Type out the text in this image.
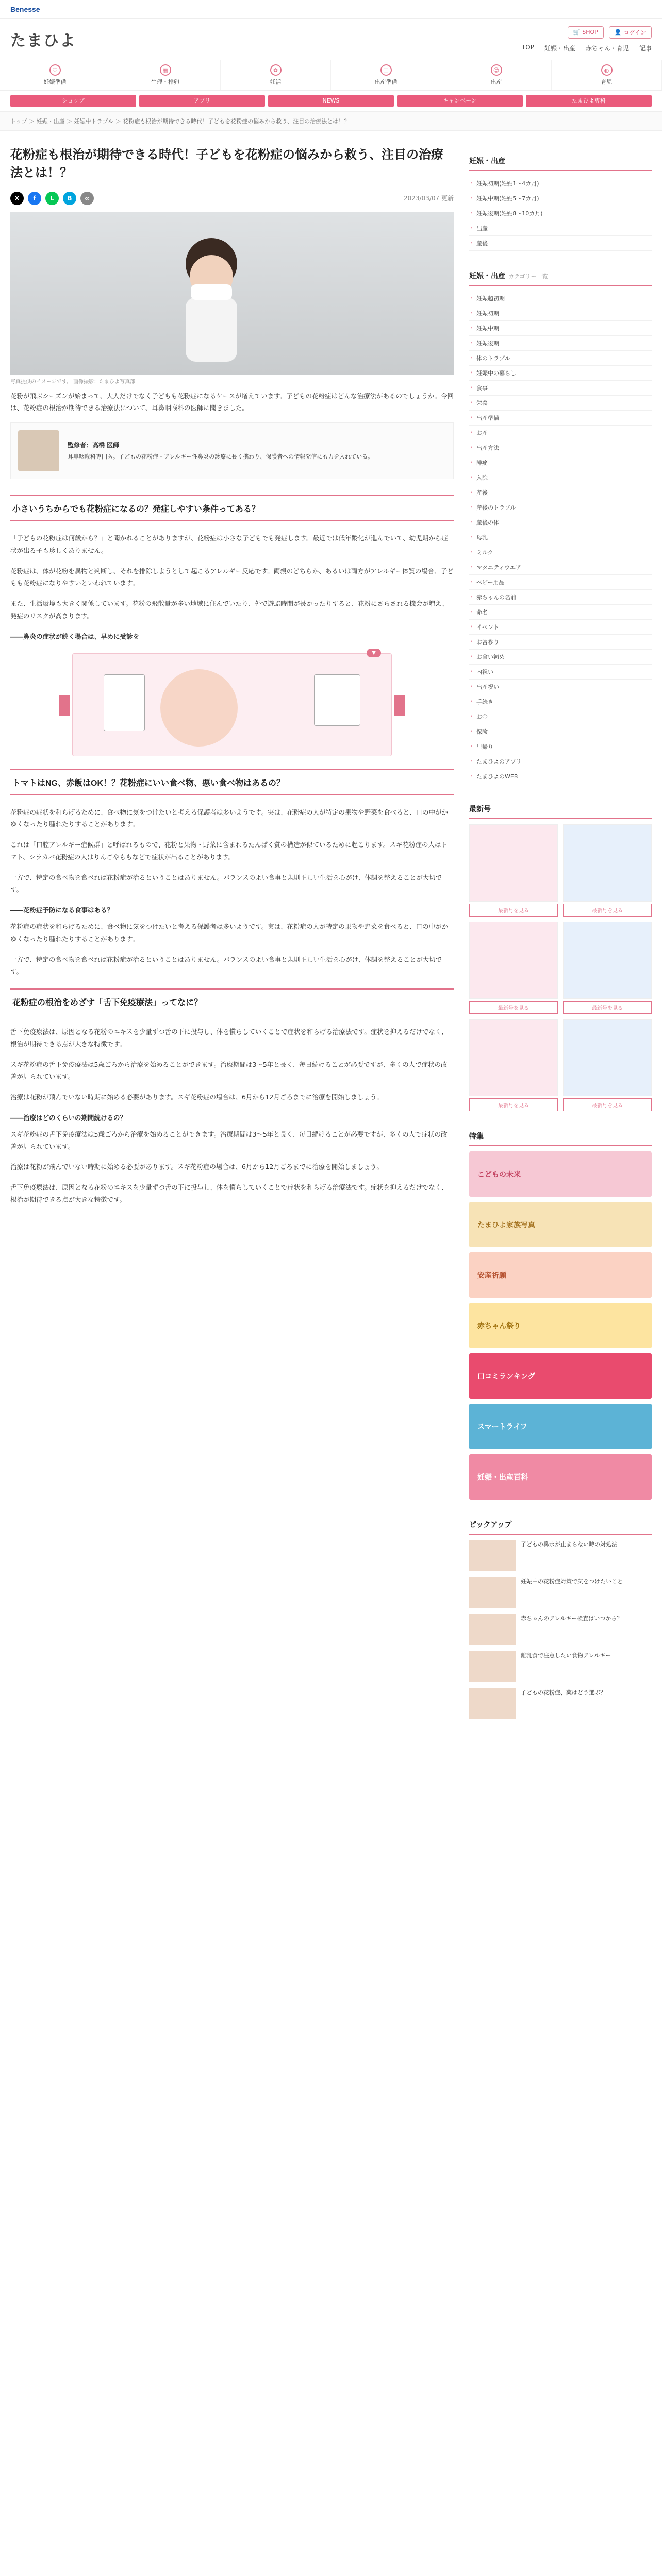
Benesse
たまひよ	🛒 SHOP	👤 ログイン
TOP 妊娠・出産 赤ちゃん・育児 記事
♡
妊娠準備
▦
生理・排卵
✿
妊活
◫
出産準備
☺
出産
◐
育児
ショップ	アプリ	NEWS	キャンペーン	たまひよ専科
トップ ＞ 妊娠・出産 ＞ 妊娠中トラブル ＞ 花粉症も根治が期待できる時代！子どもを花粉症の悩みから救う、注目の治療法とは！？
花粉症も根治が期待できる時代！子どもを花粉症の悩みから救う、注目の治療法とは！？
X	f	L	B	∞	2023/03/07 更新
写真提供のイメージです。 画像撮影：たまひよ写真部

花粉が飛ぶシーズンが始まって、大人だけでなく子どもも花粉症になるケースが増えています。子どもの花粉症はどんな治療法があるのでしょうか。今回は、花粉症の根治が期待できる治療法について、耳鼻咽喉科の医師に聞きました。

監修者：高橋 医師
耳鼻咽喉科専門医。子どもの花粉症・アレルギー性鼻炎の診療に長く携わり、保護者への情報発信にも力を入れている。
小さいうちからでも花粉症になるの？発症しやすい条件ってある？

「子どもの花粉症は何歳から？」と聞かれることがありますが、花粉症は小さな子どもでも発症します。最近では低年齢化が進んでいて、幼児期から症状が出る子も珍しくありません。

花粉症は、体が花粉を異物と判断し、それを排除しようとして起こるアレルギー反応です。両親のどちらか、あるいは両方がアレルギー体質の場合、子どもも花粉症になりやすいといわれています。

また、生活環境も大きく関係しています。花粉の飛散量が多い地域に住んでいたり、外で遊ぶ時間が長かったりすると、花粉にさらされる機会が増え、発症のリスクが高まります。

――鼻炎の症状が続く場合は、早めに受診を
▼
トマトはNG、赤飯はOK！？花粉症にいい食べ物、悪い食べ物はあるの？

花粉症の症状を和らげるために、食べ物に気をつけたいと考える保護者は多いようです。実は、花粉症の人が特定の果物や野菜を食べると、口の中がかゆくなったり腫れたりすることがあります。

これは「口腔アレルギー症候群」と呼ばれるもので、花粉と果物・野菜に含まれるたんぱく質の構造が似ているために起こります。スギ花粉症の人はトマト、シラカバ花粉症の人はりんごやももなどで症状が出ることがあります。

一方で、特定の食べ物を食べれば花粉症が治るということはありません。バランスのよい食事と規則正しい生活を心がけ、体調を整えることが大切です。

――花粉症予防になる食事はある？

花粉症の症状を和らげるために、食べ物に気をつけたいと考える保護者は多いようです。実は、花粉症の人が特定の果物や野菜を食べると、口の中がかゆくなったり腫れたりすることがあります。

一方で、特定の食べ物を食べれば花粉症が治るということはありません。バランスのよい食事と規則正しい生活を心がけ、体調を整えることが大切です。

花粉症の根治をめざす「舌下免疫療法」ってなに？

舌下免疫療法は、原因となる花粉のエキスを少量ずつ舌の下に投与し、体を慣らしていくことで症状を和らげる治療法です。症状を抑えるだけでなく、根治が期待できる点が大きな特徴です。

スギ花粉症の舌下免疫療法は5歳ごろから治療を始めることができます。治療期間は3～5年と長く、毎日続けることが必要ですが、多くの人で症状の改善が見られています。

治療は花粉が飛んでいない時期に始める必要があります。スギ花粉症の場合は、6月から12月ごろまでに治療を開始しましょう。

――治療はどのくらいの期間続けるの？

スギ花粉症の舌下免疫療法は5歳ごろから治療を始めることができます。治療期間は3～5年と長く、毎日続けることが必要ですが、多くの人で症状の改善が見られています。

治療は花粉が飛んでいない時期に始める必要があります。スギ花粉症の場合は、6月から12月ごろまでに治療を開始しましょう。

舌下免疫療法は、原因となる花粉のエキスを少量ずつ舌の下に投与し、体を慣らしていくことで症状を和らげる治療法です。症状を抑えるだけでなく、根治が期待できる点が大きな特徴です。

妊娠・出産
› 妊娠初期(妊娠1～4カ月)
› 妊娠中期(妊娠5～7カ月)
› 妊娠後期(妊娠8～10カ月)
› 出産
› 産後
妊娠・出産 カテゴリー一覧
› 妊娠超初期
› 妊娠初期
› 妊娠中期
› 妊娠後期
› 体のトラブル
› 妊娠中の暮らし
› 食事
› 栄養
› 出産準備
› お産
› 出産方法
› 陣痛
› 入院
› 産後
› 産後のトラブル
› 産後の体
› 母乳
› ミルク
› マタニティウエア
› ベビー用品
› 赤ちゃんの名前
› 命名
› イベント
› お宮参り
› お食い初め
› 内祝い
› 出産祝い
› 手続き
› お金
› 保険
› 里帰り
› たまひよのアプリ
› たまひよのWEB
最新号
最新号を見る	最新号を見る
最新号を見る	最新号を見る
最新号を見る	最新号を見る
特集
こどもの未来
たまひよ家族写真
安産祈願
赤ちゃん祭り
口コミランキング
スマートライフ
妊娠・出産百科
ピックアップ
子どもの鼻水が止まらない時の対処法
妊娠中の花粉症対策で気をつけたいこと
赤ちゃんのアレルギー検査はいつから？
離乳食で注意したい食物アレルギー
子どもの花粉症、薬はどう選ぶ？
